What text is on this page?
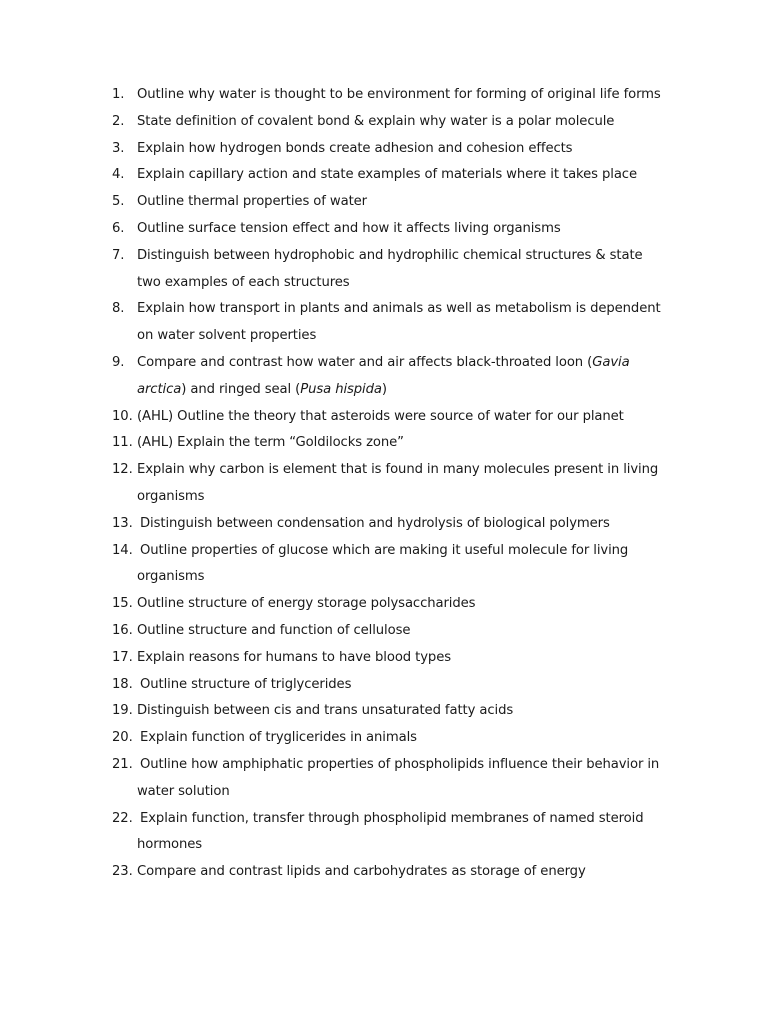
1. Outline why water is thought to be environment for forming of original life forms
2. State definition of covalent bond & explain why water is a polar molecule
3. Explain how hydrogen bonds create adhesion and cohesion effects
4. Explain capillary action and state examples of materials where it takes place
5. Outline thermal properties of water
6. Outline surface tension effect and how it affects living organisms
7. Distinguish between hydrophobic and hydrophilic chemical structures & state
two examples of each structures
8. Explain how transport in plants and animals as well as metabolism is dependent
on water solvent properties
9. Compare and contrast how water and air affects black-throated loon (Gavia
arctica) and ringed seal (Pusa hispida)
10. (AHL) Outline the theory that asteroids were source of water for our planet
11. (AHL) Explain the term “Goldilocks zone”
12. Explain why carbon is element that is found in many molecules present in living
organisms
13. Distinguish between condensation and hydrolysis of biological polymers
14. Outline properties of glucose which are making it useful molecule for living
organisms
15. Outline structure of energy storage polysaccharides
16. Outline structure and function of cellulose
17. Explain reasons for humans to have blood types
18. Outline structure of triglycerides
19. Distinguish between cis and trans unsaturated fatty acids
20. Explain function of tryglicerides in animals
21. Outline how amphiphatic properties of phospholipids influence their behavior in
water solution
22. Explain function, transfer through phospholipid membranes of named steroid
hormones
23. Compare and contrast lipids and carbohydrates as storage of energy
